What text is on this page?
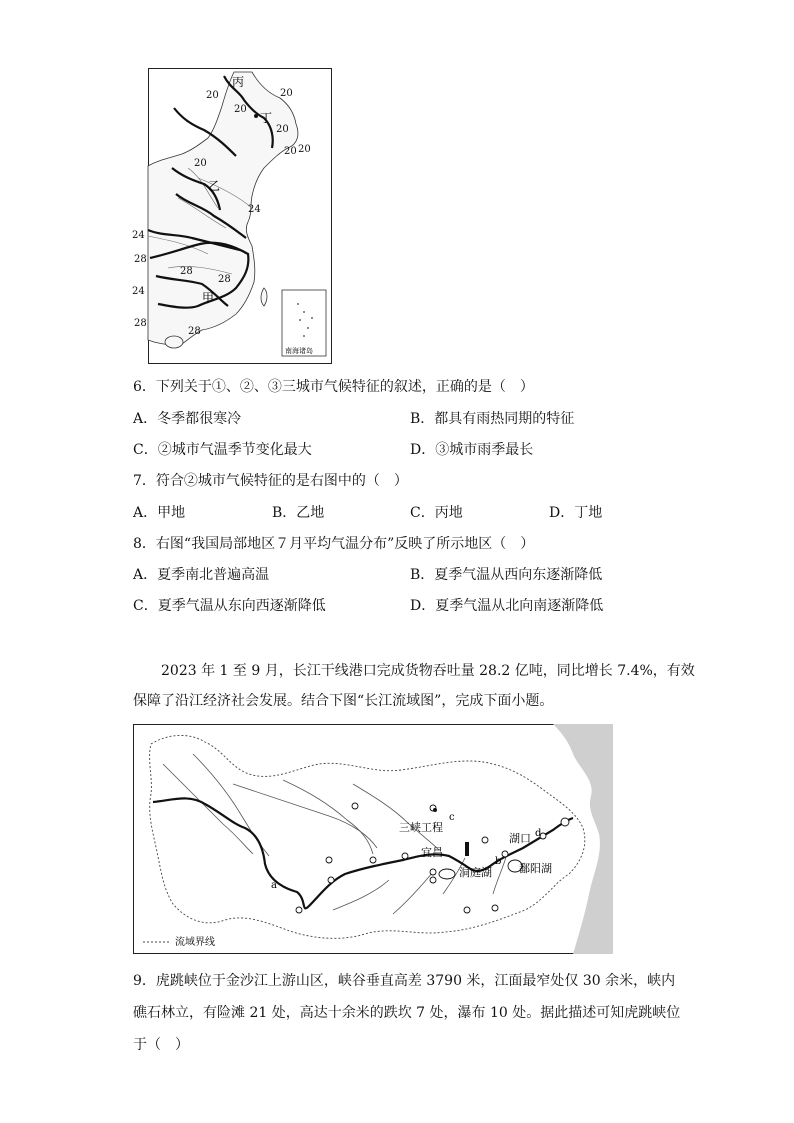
丙
丁
乙
甲
20
20
20
20
20
20
20
24
24
28
28
24
28
28
28
南海诸岛
6．下列关于①、②、③三城市气候特征的叙述，正确的是（　）
A．冬季都很寒冷	B．都具有雨热同期的特征
C．②城市气温季节变化最大	D．③城市雨季最长
7．符合②城市气候特征的是右图中的（　）
A．甲地	B．乙地	C．丙地	D．丁地
8．右图“我国局部地区７月平均气温分布”反映了所示地区（　）
A．夏季南北普遍高温	B．夏季气温从西向东逐渐降低
C．夏季气温从东向西逐渐降低	D．夏季气温从北向南逐渐降低
2023 年 1 至 9 月，长江干线港口完成货物吞吐量 28.2 亿吨，同比增长 7.4%，有效
保障了沿江经济社会发展。结合下图“长江流域图”，完成下面小题。
三峡工程
宜昌
洞庭湖
湖口
鄱阳湖
a
b
c
d
流域界线
9．虎跳峡位于金沙江上游山区，峡谷垂直高差 3790 米，江面最窄处仅 30 余米，峡内
礁石林立，有险滩 21 处，高达十余米的跌坎 7 处，瀑布 10 处。据此描述可知虎跳峡位
于（　）
